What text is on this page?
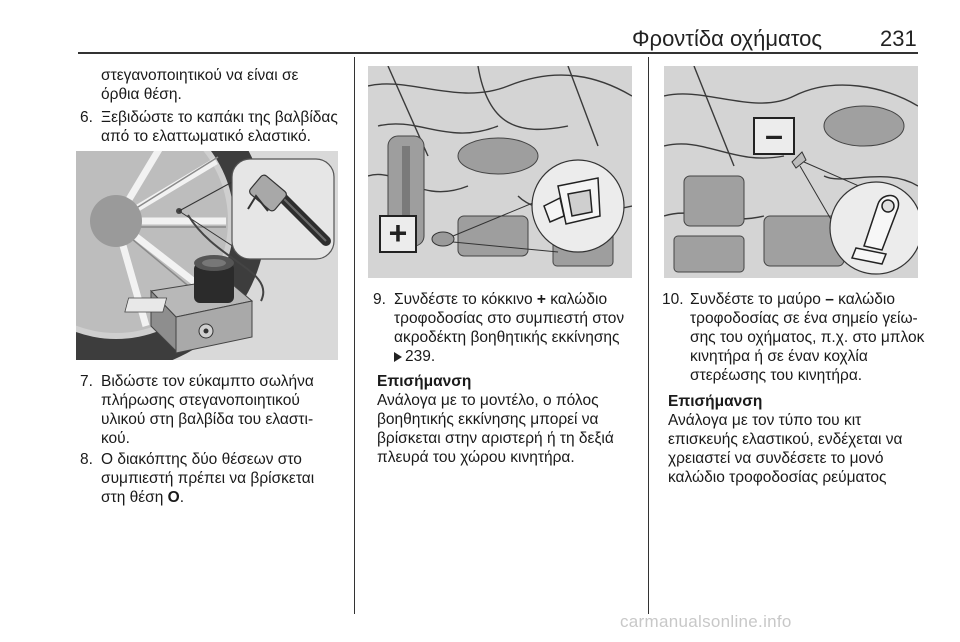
Φροντίδα οχήματος	231
στεγανοποιητικού να είναι σε
όρθια θέση.
6. Ξεβιδώστε το καπάκι της βαλβίδας
από το ελαττωματικό ελαστικό.
7. Βιδώστε τον εύκαμπτο σωλήνα
πλήρωσης στεγανοποιητικού
υλικού στη βαλβίδα του ελαστι-
κού.
8. Ο διακόπτης δύο θέσεων στο
συμπιεστή πρέπει να βρίσκεται
στη θέση O.
+
9. Συνδέστε το κόκκινο + καλώδιο
τροφοδοσίας στο συμπιεστή στον
ακροδέκτη βοηθητικής εκκίνησης
239.
Επισήμανση
Ανάλογα με το μοντέλο, ο πόλος
βοηθητικής εκκίνησης μπορεί να
βρίσκεται στην αριστερή ή τη δεξιά
πλευρά του χώρου κινητήρα.
–
10. Συνδέστε το μαύρο – καλώδιο
τροφοδοσίας σε ένα σημείο γείω-
σης του οχήματος, π.χ. στο μπλοκ
κινητήρα ή σε έναν κοχλία
στερέωσης του κινητήρα.
Επισήμανση
Ανάλογα με τον τύπο του κιτ
επισκευής ελαστικού, ενδέχεται να
χρειαστεί να συνδέσετε το μονό
καλώδιο τροφοδοσίας ρεύματος
carmanualsonline.info
